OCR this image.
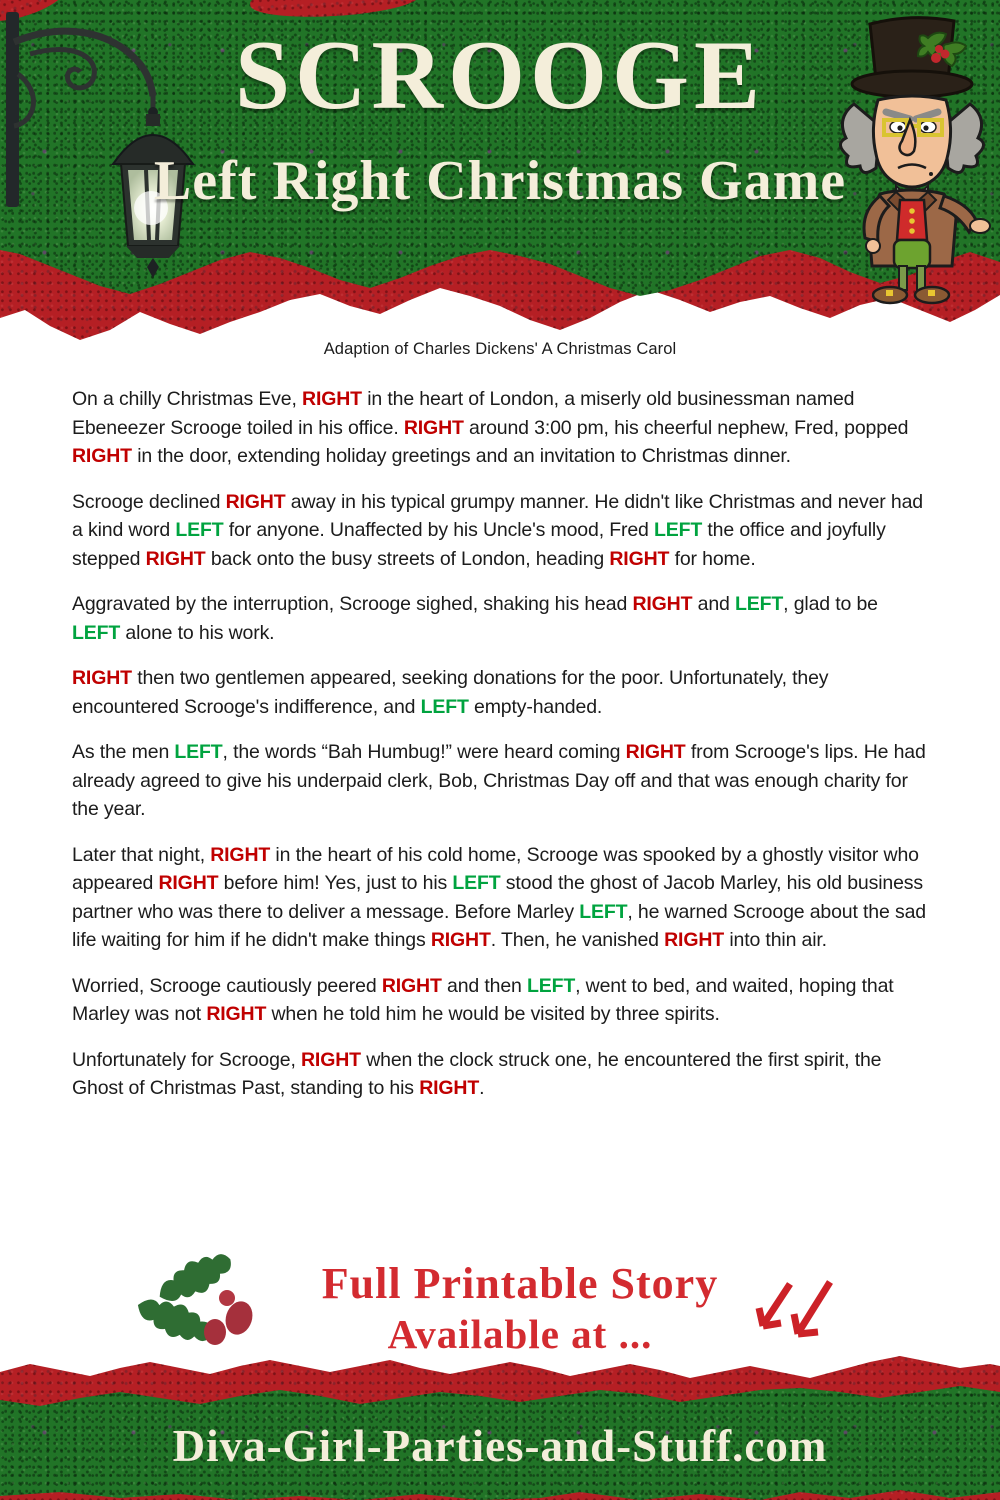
SCROOGE
Left Right Christmas Game

Adaption of Charles Dickens' A Christmas Carol

On a chilly Christmas Eve, RIGHT in the heart of London, a miserly old businessman named Ebeneezer Scrooge toiled in his office. RIGHT around 3:00 pm, his cheerful nephew, Fred, popped RIGHT in the door, extending holiday greetings and an invitation to Christmas dinner.

Scrooge declined RIGHT away in his typical grumpy manner. He didn't like Christmas and never had a kind word LEFT for anyone. Unaffected by his Uncle's mood, Fred LEFT the office and joyfully stepped RIGHT back onto the busy streets of London, heading RIGHT for home.

Aggravated by the interruption, Scrooge sighed, shaking his head RIGHT and LEFT, glad to be LEFT alone to his work.

RIGHT then two gentlemen appeared, seeking donations for the poor. Unfortunately, they encountered Scrooge's indifference, and LEFT empty-handed.

As the men LEFT, the words “Bah Humbug!” were heard coming RIGHT from Scrooge's lips. He had already agreed to give his underpaid clerk, Bob, Christmas Day off and that was enough charity for the year.

Later that night, RIGHT in the heart of his cold home, Scrooge was spooked by a ghostly visitor who appeared RIGHT before him! Yes, just to his LEFT stood the ghost of Jacob Marley, his old business partner who was there to deliver a message. Before Marley LEFT, he warned Scrooge about the sad life waiting for him if he didn't make things RIGHT. Then, he vanished RIGHT into thin air.

Worried, Scrooge cautiously peered RIGHT and then LEFT, went to bed, and waited, hoping that Marley was not RIGHT when he told him he would be visited by three spirits.

Unfortunately for Scrooge, RIGHT when the clock struck one, he encountered the first spirit, the Ghost of Christmas Past, standing to his RIGHT.

Full Printable Story
Available at ...
Diva-Girl-Parties-and-Stuff.com
